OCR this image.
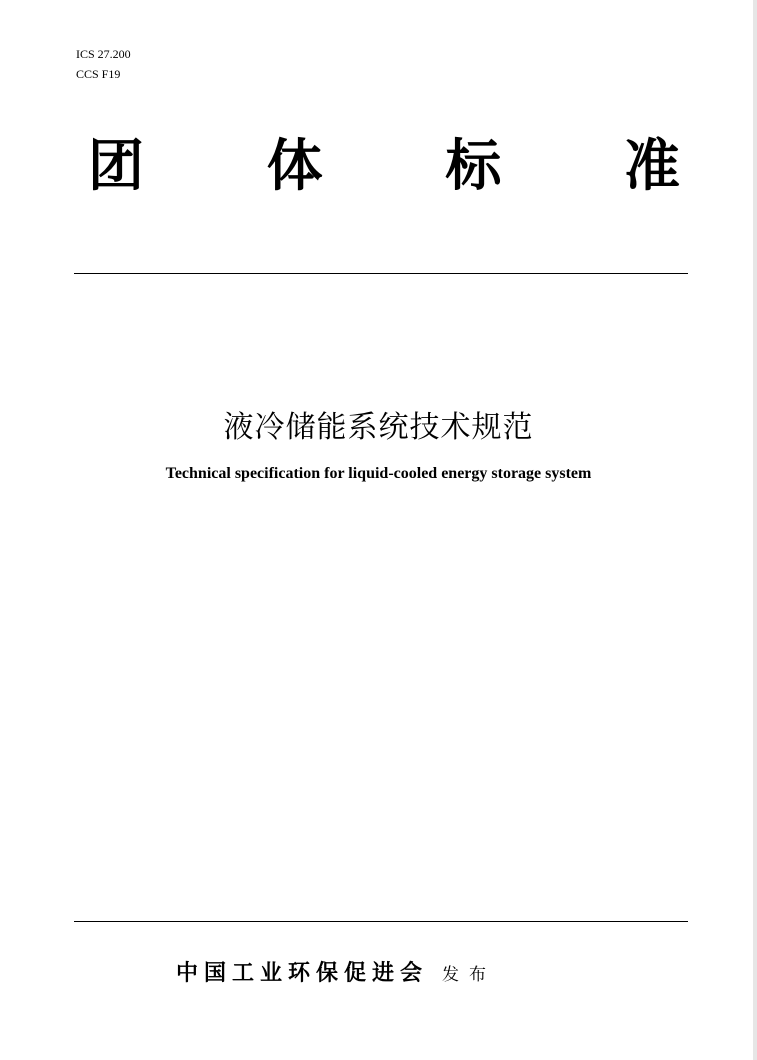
ICS 27.200
CCS F19
团 体 标 准
液冷储能系统技术规范
Technical specification for liquid-cooled energy storage system
中国工业环保促进会 发布
